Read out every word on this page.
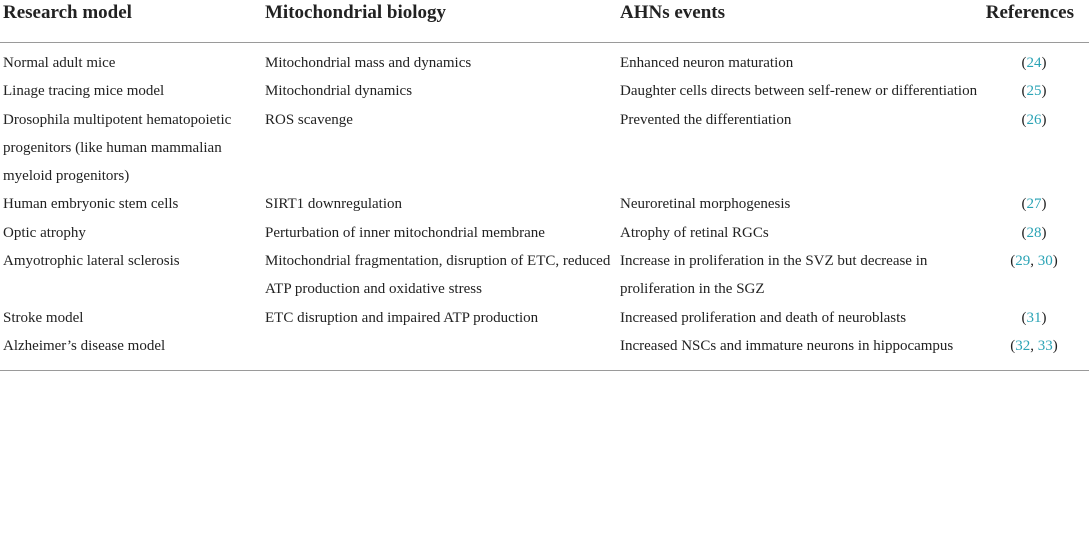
Research model	Mitochondrial biology	AHNs events	References
Normal adult mice	Mitochondrial mass and dynamics	Enhanced neuron maturation	(24)
Linage tracing mice model	Mitochondrial dynamics	Daughter cells directs between self-renew or differentiation	(25)
Drosophila multipotent hematopoietic progenitors (like human mammalian myeloid progenitors)	ROS scavenge	Prevented the differentiation	(26)
Human embryonic stem cells	SIRT1 downregulation	Neuroretinal morphogenesis	(27)
Optic atrophy	Perturbation of inner mitochondrial membrane	Atrophy of retinal RGCs	(28)
Amyotrophic lateral sclerosis	Mitochondrial fragmentation, disruption of ETC, reduced ATP production and oxidative stress	Increase in proliferation in the SVZ but decrease in proliferation in the SGZ	(29, 30)
Stroke model	ETC disruption and impaired ATP production	Increased proliferation and death of neuroblasts	(31)
Alzheimer’s disease model		Increased NSCs and immature neurons in hippocampus	(32, 33)
